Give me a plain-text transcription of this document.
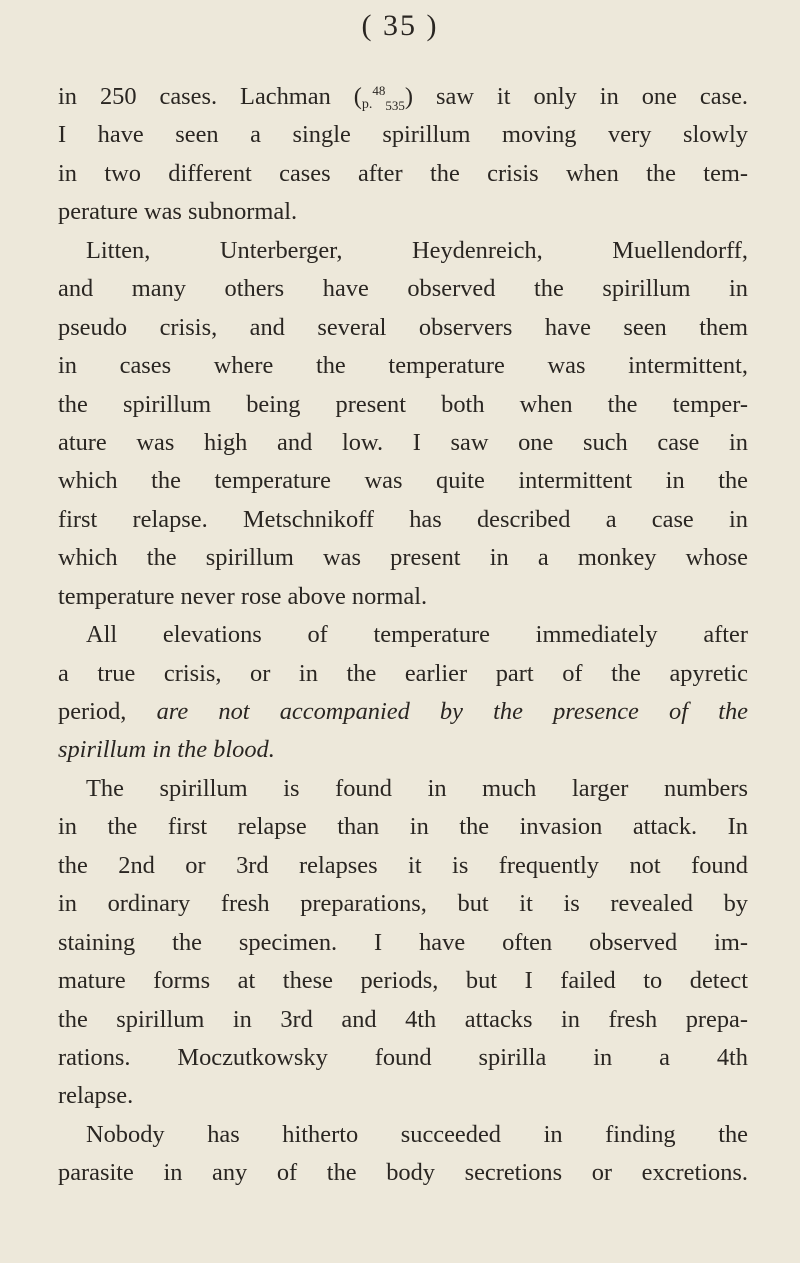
( 35 )
in 250 cases. Lachman (p.$^{48}_{535}$) saw it only in one case.
I have seen a single spirillum moving very slowly
in two different cases after the crisis when the tem-
perature was subnormal.
Litten, Unterberger, Heydenreich, Muellendorff,
and many others have observed the spirillum in
pseudo crisis, and several observers have seen them
in cases where the temperature was intermittent,
the spirillum being present both when the temper-
ature was high and low. I saw one such case in
which the temperature was quite intermittent in the
first relapse. Metschnikoff has described a case in
which the spirillum was present in a monkey whose
temperature never rose above normal.
All elevations of temperature immediately after
a true crisis, or in the earlier part of the apyretic
period, are not accompanied by the presence of the
spirillum in the blood.
The spirillum is found in much larger numbers
in the first relapse than in the invasion attack. In
the 2nd or 3rd relapses it is frequently not found
in ordinary fresh preparations, but it is revealed by
staining the specimen. I have often observed im-
mature forms at these periods, but I failed to detect
the spirillum in 3rd and 4th attacks in fresh prepa-
rations. Moczutkowsky found spirilla in a 4th
relapse.
Nobody has hitherto succeeded in finding the
parasite in any of the body secretions or excretions.
